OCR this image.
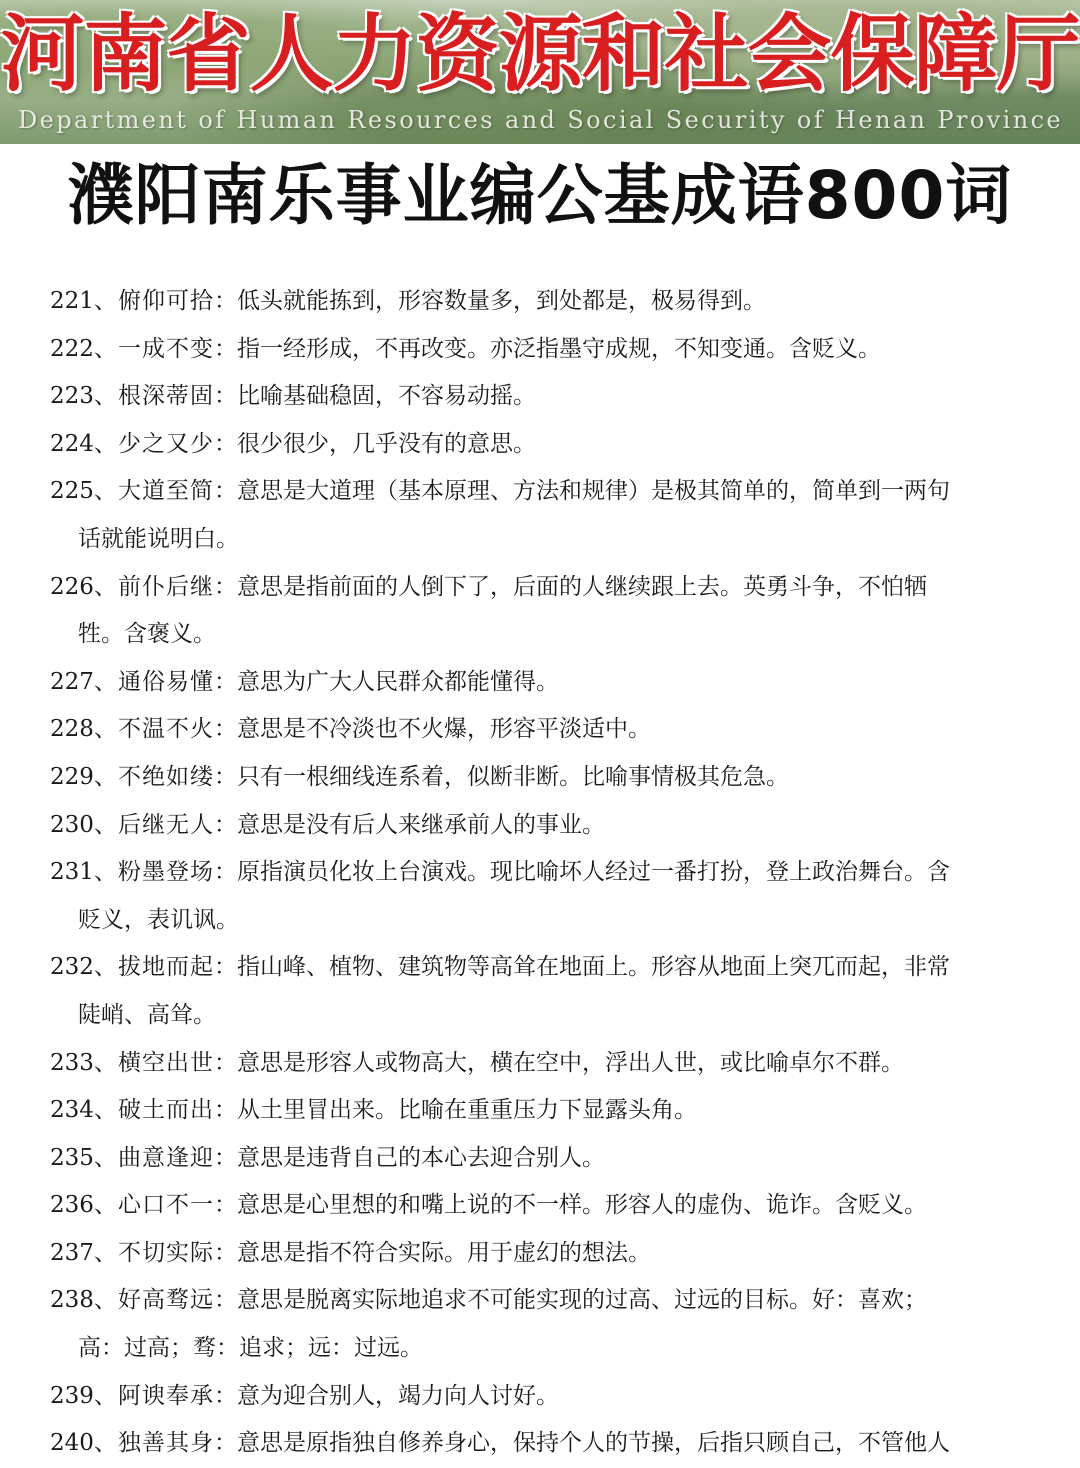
河南省人力资源和社会保障厅
Department of Human Resources and Social Security of Henan Province
濮阳南乐事业编公基成语800词
221、俯仰可拾：低头就能拣到，形容数量多，到处都是，极易得到。
222、一成不变：指一经形成，不再改变。亦泛指墨守成规，不知变通。含贬义。
223、根深蒂固：比喻基础稳固，不容易动摇。
224、少之又少：很少很少，几乎没有的意思。
225、大道至简：意思是大道理（基本原理、方法和规律）是极其简单的，简单到一两句
话就能说明白。
226、前仆后继：意思是指前面的人倒下了，后面的人继续跟上去。英勇斗争，不怕牺
牲。含褒义。
227、通俗易懂：意思为广大人民群众都能懂得。
228、不温不火：意思是不冷淡也不火爆，形容平淡适中。
229、不绝如缕：只有一根细线连系着，似断非断。比喻事情极其危急。
230、后继无人：意思是没有后人来继承前人的事业。
231、粉墨登场：原指演员化妆上台演戏。现比喻坏人经过一番打扮，登上政治舞台。含
贬义，表讥讽。
232、拔地而起：指山峰、植物、建筑物等高耸在地面上。形容从地面上突兀而起，非常
陡峭、高耸。
233、横空出世：意思是形容人或物高大，横在空中，浮出人世，或比喻卓尔不群。
234、破土而出：从土里冒出来。比喻在重重压力下显露头角。
235、曲意逢迎：意思是违背自己的本心去迎合别人。
236、心口不一：意思是心里想的和嘴上说的不一样。形容人的虚伪、诡诈。含贬义。
237、不切实际：意思是指不符合实际。用于虚幻的想法。
238、好高骛远：意思是脱离实际地追求不可能实现的过高、过远的目标。好：喜欢；
高：过高；骛：追求；远：过远。
239、阿谀奉承：意为迎合别人，竭力向人讨好。
240、独善其身：意思是原指独自修养身心，保持个人的节操，后指只顾自己，不管他人
